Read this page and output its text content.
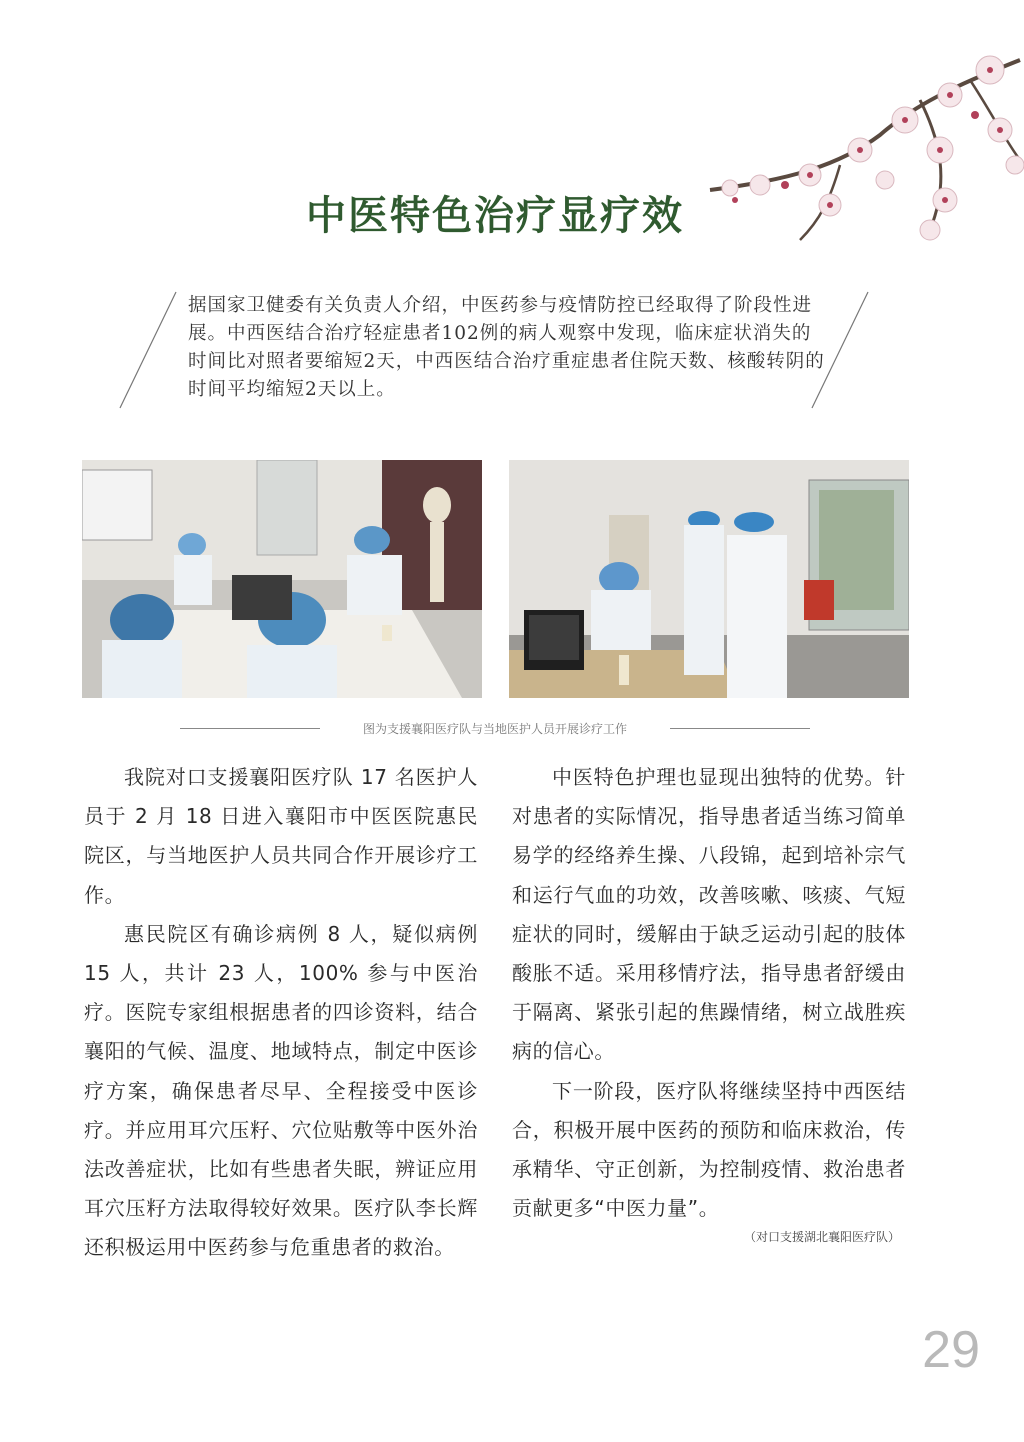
中医特色治疗显疗效
据国家卫健委有关负责人介绍，中医药参与疫情防控已经取得了阶段性进展。中西医结合治疗轻症患者102例的病人观察中发现，临床症状消失的时间比对照者要缩短2天，中西医结合治疗重症患者住院天数、核酸转阴的时间平均缩短2天以上。
图为支援襄阳医疗队与当地医护人员开展诊疗工作

我院对口支援襄阳医疗队 17 名医护人员于 2 月 18 日进入襄阳市中医医院惠民院区，与当地医护人员共同合作开展诊疗工作。

惠民院区有确诊病例 8 人，疑似病例 15 人，共计 23 人，100% 参与中医治疗。医院专家组根据患者的四诊资料，结合襄阳的气候、温度、地域特点，制定中医诊疗方案，确保患者尽早、全程接受中医诊疗。并应用耳穴压籽、穴位贴敷等中医外治法改善症状，比如有些患者失眠，辨证应用耳穴压籽方法取得较好效果。医疗队李长辉还积极运用中医药参与危重患者的救治。

中医特色护理也显现出独特的优势。针对患者的实际情况，指导患者适当练习简单易学的经络养生操、八段锦，起到培补宗气和运行气血的功效，改善咳嗽、咳痰、气短症状的同时，缓解由于缺乏运动引起的肢体酸胀不适。采用移情疗法，指导患者舒缓由于隔离、紧张引起的焦躁情绪，树立战胜疾病的信心。

下一阶段，医疗队将继续坚持中西医结合，积极开展中医药的预防和临床救治，传承精华、守正创新，为控制疫情、救治患者贡献更多“中医力量”。

（对口支援湖北襄阳医疗队）
29
